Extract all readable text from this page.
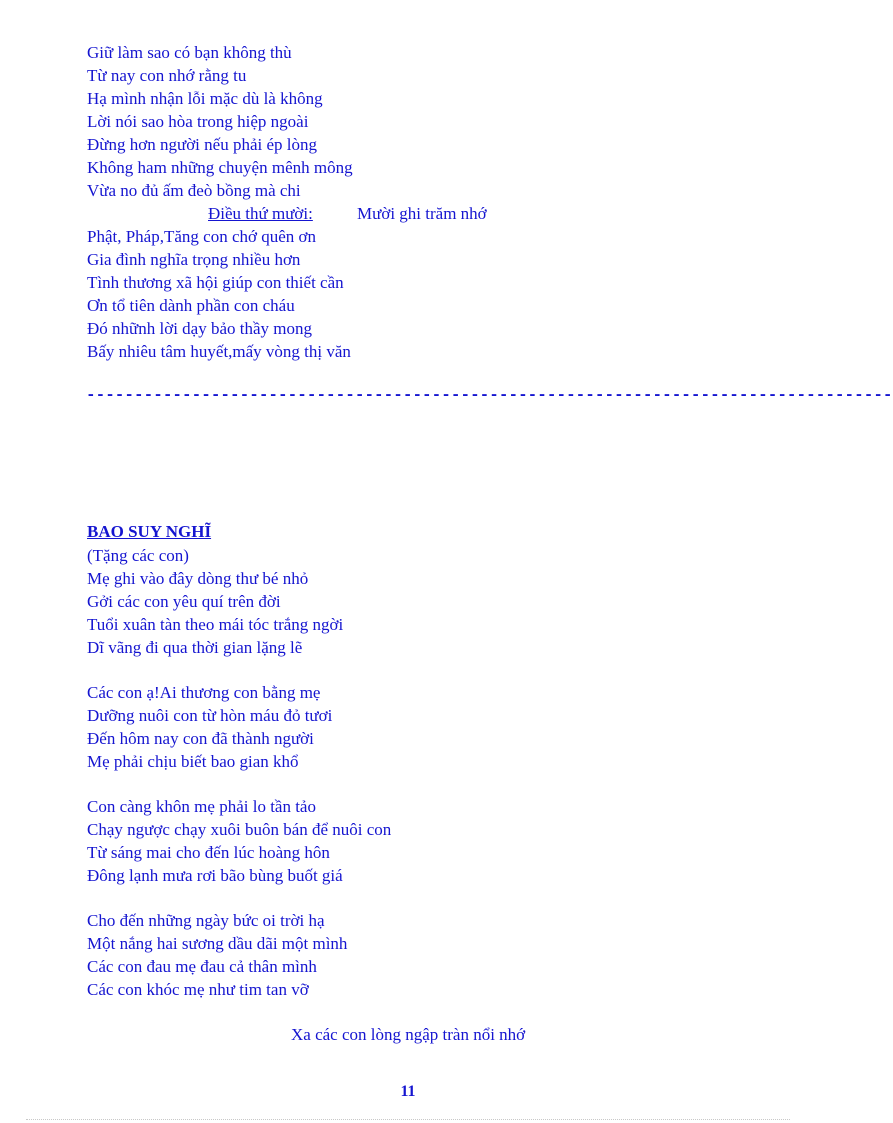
Giữ làm sao có bạn không thù
Từ nay con nhớ rằng tu
Hạ mình nhận lỗi mặc dù là không
Lời nói sao hòa trong hiệp ngoài
Đừng hơn người nếu phải ép lòng
Không ham những chuyện mênh mông
Vừa no đủ ấm đeò bồng mà chi
Điều thứ mười:	Mười ghi trăm nhớ
Phật, Pháp,Tăng con chớ quên ơn
Gia đình nghĩa trọng nhiều hơn
Tình thương xã hội giúp con thiết cần
Ơn tổ tiên dành phần con cháu
Đó nhữnh lời dạy bảo thầy mong
Bấy nhiêu tâm huyết,mấy vòng thị văn
------------------------------------------------------------------------------------
BAO SUY NGHĨ
(Tặng các con)
Mẹ ghi vào đây dòng thư bé nhỏ
Gởi các con yêu quí trên đời
Tuổi xuân tàn theo mái tóc trắng ngời
Dĩ vãng đi qua thời gian lặng lẽ
Các con ạ!Ai thương con bằng mẹ
Dưỡng nuôi con từ hòn máu đỏ tươi
Đến hôm nay con đã thành người
Mẹ phải chịu biết bao gian khổ
Con càng khôn mẹ phải lo tần tảo
Chạy ngược chạy xuôi buôn bán để nuôi con
Từ sáng mai cho đến lúc hoàng hôn
Đông lạnh mưa rơi bão bùng buốt giá
Cho đến những ngày bức oi trời hạ
Một nắng hai sương dầu dãi một mình
Các con đau mẹ đau cả thân mình
Các con khóc mẹ như tim tan vỡ
Xa các con lòng ngập tràn nổi nhớ
11
